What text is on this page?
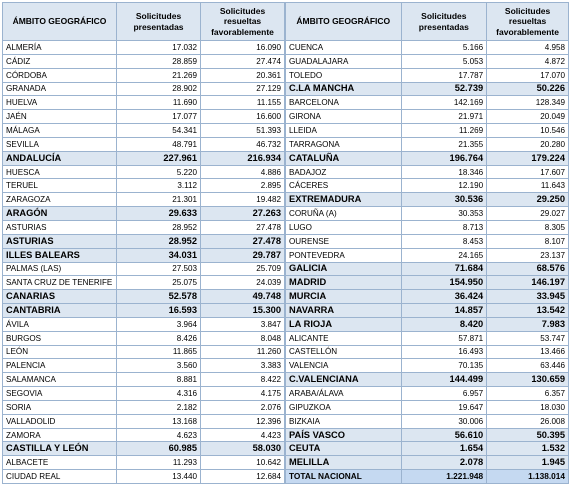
ÁMBITO GEOGRÁFICO	Solicitudes presentadas	Solicitudes resueltas favorablemente
ALMERÍA	17.032	16.090
CÁDIZ	28.859	27.474
CÓRDOBA	21.269	20.361
GRANADA	28.902	27.129
HUELVA	11.690	11.155
JAÉN	17.077	16.600
MÁLAGA	54.341	51.393
SEVILLA	48.791	46.732
ANDALUCÍA	227.961	216.934
HUESCA	5.220	4.886
TERUEL	3.112	2.895
ZARAGOZA	21.301	19.482
ARAGÓN	29.633	27.263
ASTURIAS	28.952	27.478
ASTURIAS	28.952	27.478
ILLES BALEARS	34.031	29.787
PALMAS (LAS)	27.503	25.709
SANTA CRUZ DE TENERIFE	25.075	24.039
CANARIAS	52.578	49.748
CANTABRIA	16.593	15.300
ÁVILA	3.964	3.847
BURGOS	8.426	8.048
LEÓN	11.865	11.260
PALENCIA	3.560	3.383
SALAMANCA	8.881	8.422
SEGOVIA	4.316	4.175
SORIA	2.182	2.076
VALLADOLID	13.168	12.396
ZAMORA	4.623	4.423
CASTILLA Y LEÓN	60.985	58.030
ALBACETE	11.293	10.642
CIUDAD REAL	13.440	12.684
ÁMBITO GEOGRÁFICO	Solicitudes presentadas	Solicitudes resueltas favorablemente
CUENCA	5.166	4.958
GUADALAJARA	5.053	4.872
TOLEDO	17.787	17.070
C.LA MANCHA	52.739	50.226
BARCELONA	142.169	128.349
GIRONA	21.971	20.049
LLEIDA	11.269	10.546
TARRAGONA	21.355	20.280
CATALUÑA	196.764	179.224
BADAJOZ	18.346	17.607
CÁCERES	12.190	11.643
EXTREMADURA	30.536	29.250
CORUÑA (A)	30.353	29.027
LUGO	8.713	8.305
OURENSE	8.453	8.107
PONTEVEDRA	24.165	23.137
GALICIA	71.684	68.576
MADRID	154.950	146.197
MURCIA	36.424	33.945
NAVARRA	14.857	13.542
LA RIOJA	8.420	7.983
ALICANTE	57.871	53.747
CASTELLÓN	16.493	13.466
VALENCIA	70.135	63.446
C.VALENCIANA	144.499	130.659
ARABA/ÁLAVA	6.957	6.357
GIPUZKOA	19.647	18.030
BIZKAIA	30.006	26.008
PAÍS VASCO	56.610	50.395
CEUTA	1.654	1.532
MELILLA	2.078	1.945
TOTAL NACIONAL	1.221.948	1.138.014
